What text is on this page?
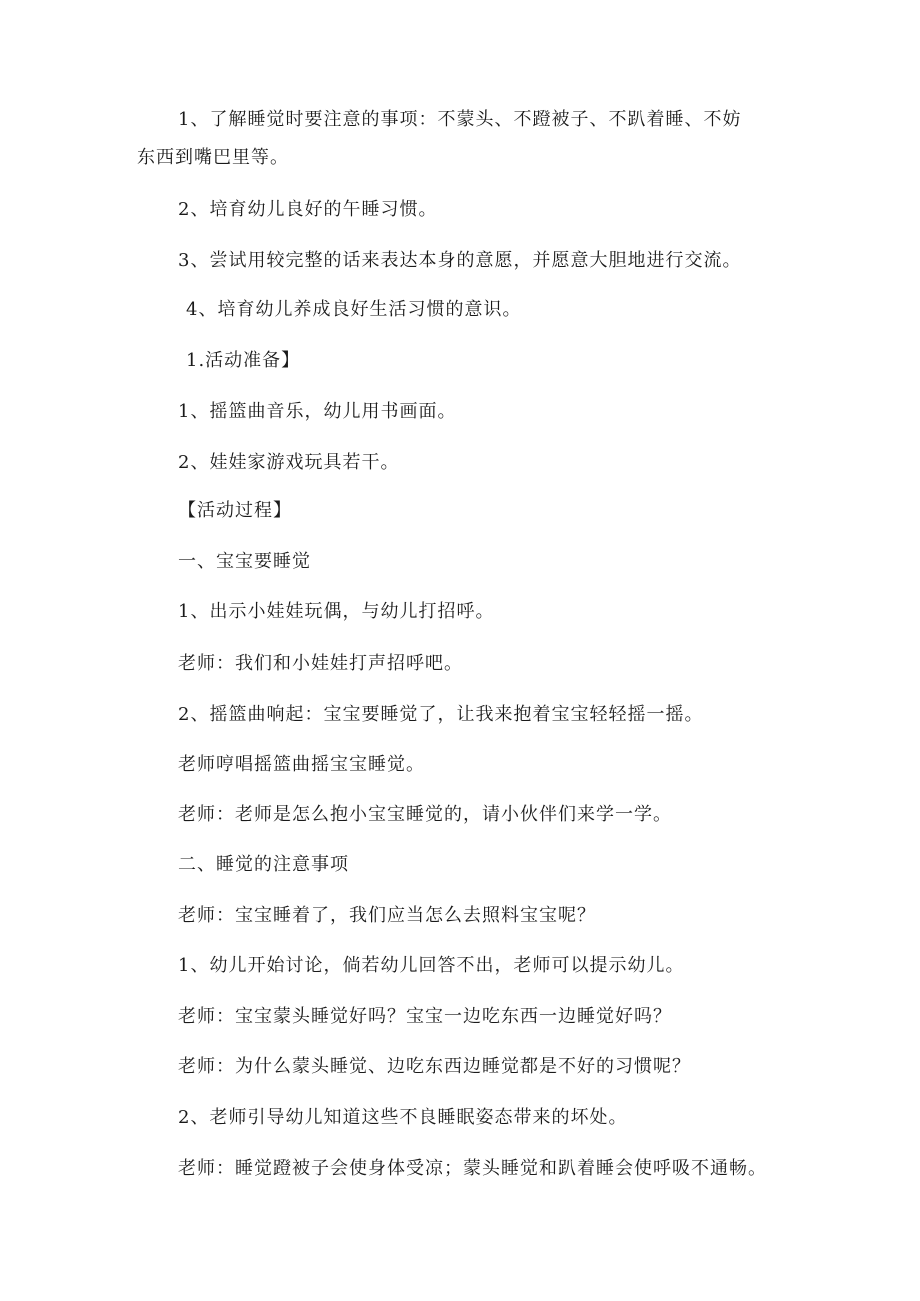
1、了解睡觉时要注意的事项：不蒙头、不蹬被子、不趴着睡、不妨

东西到嘴巴里等。

2、培育幼儿良好的午睡习惯。

3、尝试用较完整的话来表达本身的意愿，并愿意大胆地进行交流。

4、培育幼儿养成良好生活习惯的意识。

1.活动准备】

1、摇篮曲音乐，幼儿用书画面。

2、娃娃家游戏玩具若干。

【活动过程】

一、宝宝要睡觉

1、出示小娃娃玩偶，与幼儿打招呼。

老师：我们和小娃娃打声招呼吧。

2、摇篮曲响起：宝宝要睡觉了，让我来抱着宝宝轻轻摇一摇。

老师哼唱摇篮曲摇宝宝睡觉。

老师：老师是怎么抱小宝宝睡觉的，请小伙伴们来学一学。

二、睡觉的注意事项

老师：宝宝睡着了，我们应当怎么去照料宝宝呢？

1、幼儿开始讨论，倘若幼儿回答不出，老师可以提示幼儿。

老师：宝宝蒙头睡觉好吗？宝宝一边吃东西一边睡觉好吗？

老师：为什么蒙头睡觉、边吃东西边睡觉都是不好的习惯呢？

2、老师引导幼儿知道这些不良睡眠姿态带来的坏处。

老师：睡觉蹬被子会使身体受凉；蒙头睡觉和趴着睡会使呼吸不通畅。
